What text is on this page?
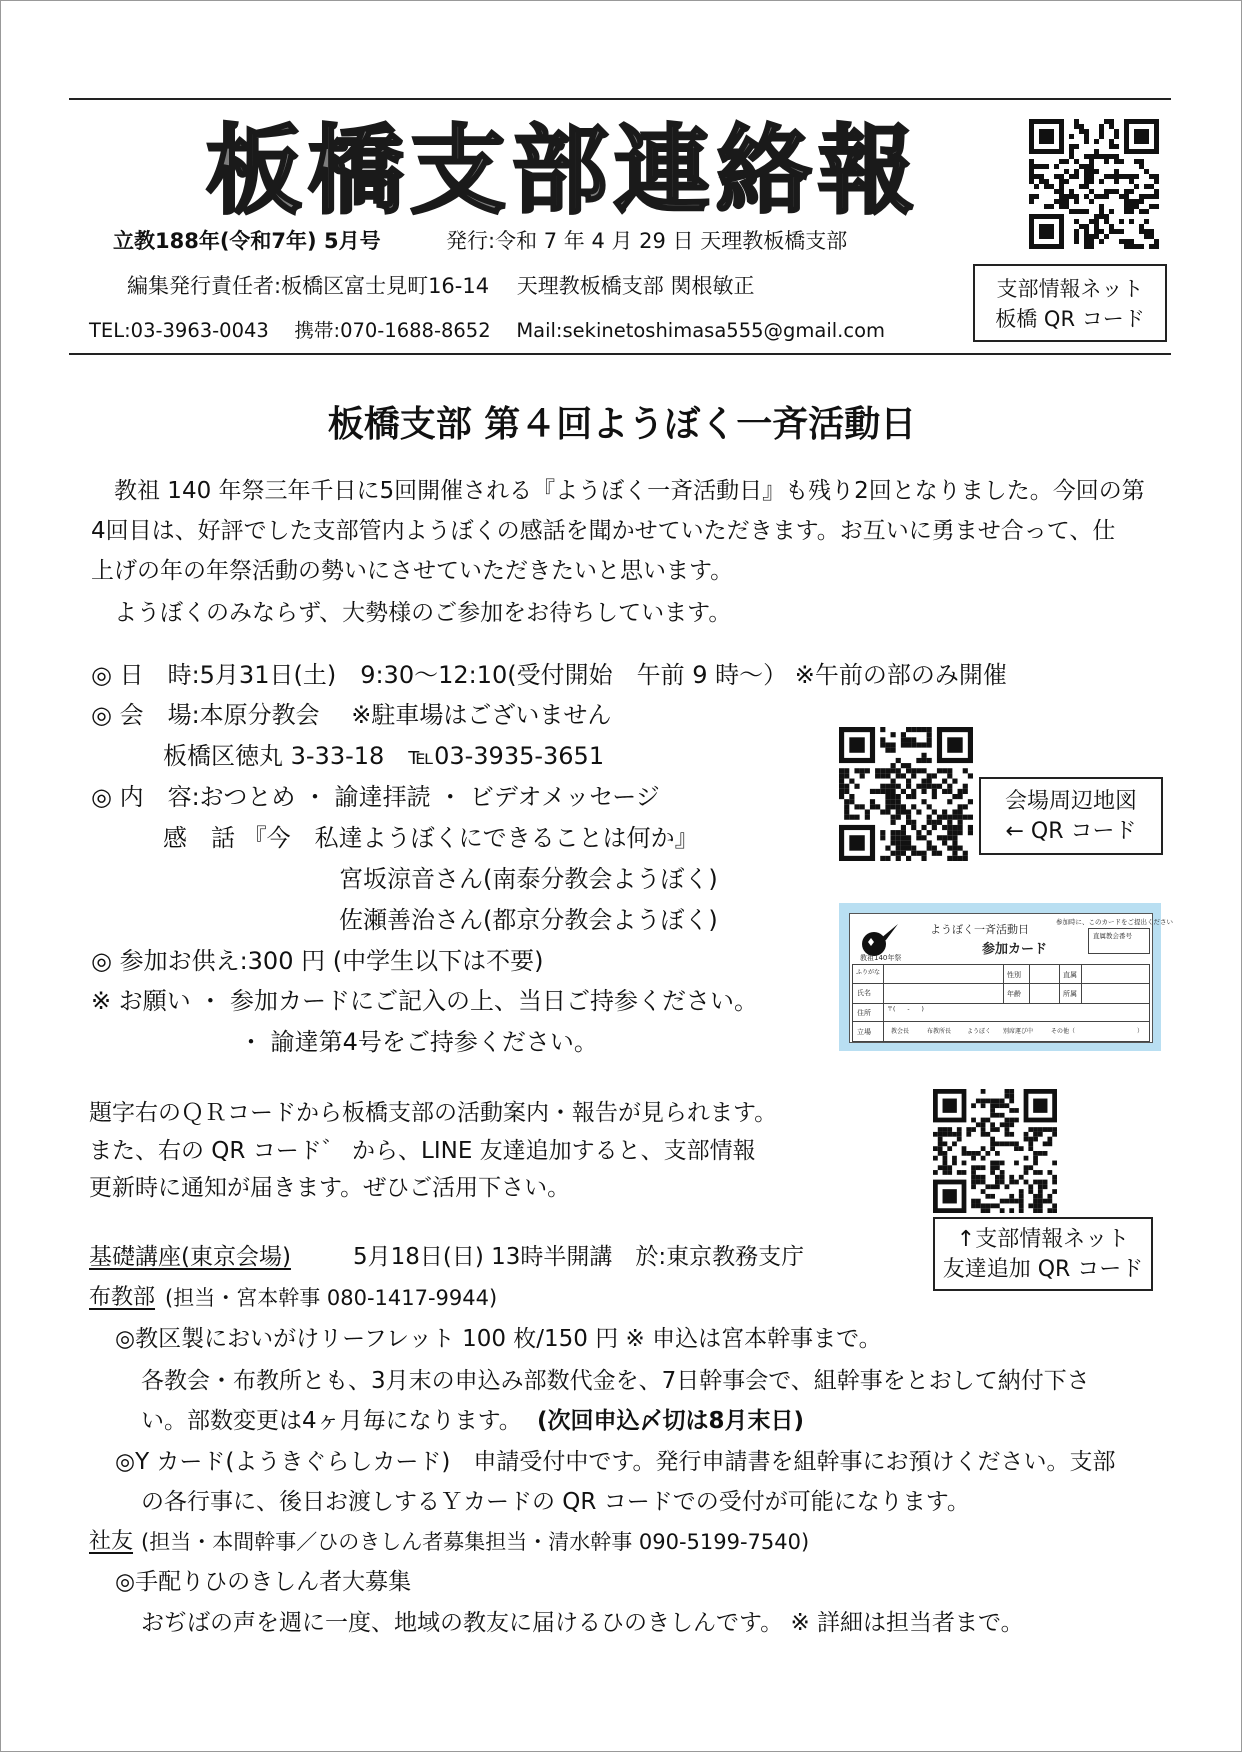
板橋支部連絡報
立教188年(令和7年) 5月号	発行:令和 7 年 4 月 29 日 天理教板橋支部
編集発行責任者:板橋区富士見町16-14　 天理教板橋支部 関根敏正
TEL:03-3963-0043　 携帯:070-1688-8652　 Mail:sekinetoshimasa555@gmail.com
支部情報ネット
板橋 QR コード
板橋支部 第４回ようぼく一斉活動日
　教祖 140 年祭三年千日に5回開催される『ようぼく一斉活動日』も残り2回となりました。今回の第
4回目は、好評でした支部管内ようぼくの感話を聞かせていただきます。お互いに勇ませ合って、仕
上げの年の年祭活動の勢いにさせていただきたいと思います。
　ようぼくのみならず、大勢様のご参加をお待ちしています。
◎ 日　時:5月31日(土)　9:30～12:10(受付開始　午前 9 時～） ※午前の部のみ開催
◎ 会　場:本原分教会　 ※駐車場はございません
　　　板橋区徳丸 3-33-18　℡03-3935-3651
◎ 内　容:おつとめ ・ 諭達拝読 ・ ビデオメッセージ
　　　感　話 『今　私達ようぼくにできることは何か』
宮坂涼音さん(南泰分教会ようぼく)
佐瀬善治さん(都京分教会ようぼく)
◎ 参加お供え:300 円 (中学生以下は不要)
※ お願い ・ 参加カードにご記入の上、当日ご持参ください。
・ 諭達第4号をご持参ください。
会場周辺地図
← QR コード
ようぼく一斉活動日
参加カード
教祖140年祭
参加時に、このカードをご提出ください
直属教会番号
ふりがな	性別	直属
氏名	年齢	所属
住所	〒(　　-　　)
立場	教会長	布教所長	ようぼく 別席運び中	その他（	）
題字右のＱＲコードから板橋支部の活動案内・報告が見られます。
また、右の QR コード゛ から、LINE 友達追加すると、支部情報
更新時に通知が届きます。ぜひご活用下さい。
↑支部情報ネット
友達追加 QR コード
基礎講座(東京会場)	5月18日(日) 13時半開講　於:東京教務支庁
布教部 (担当・宮本幹事 080-1417-9944)
◎教区製においがけリーフレット 100 枚/150 円 ※ 申込は宮本幹事まで。
各教会・布教所とも、3月末の申込み部数代金を、7日幹事会で、組幹事をとおして納付下さ
い。部数変更は4ヶ月毎になります。 (次回申込〆切は8月末日)
◎Y カード(ようきぐらしカード)　申請受付中です。発行申請書を組幹事にお預けください。支部
の各行事に、後日お渡しするＹカードの QR コードでの受付が可能になります。
社友 (担当・本間幹事／ひのきしん者募集担当・清水幹事 090-5199-7540)
◎手配りひのきしん者大募集
おぢばの声を週に一度、地域の教友に届けるひのきしんです。 ※ 詳細は担当者まで。
